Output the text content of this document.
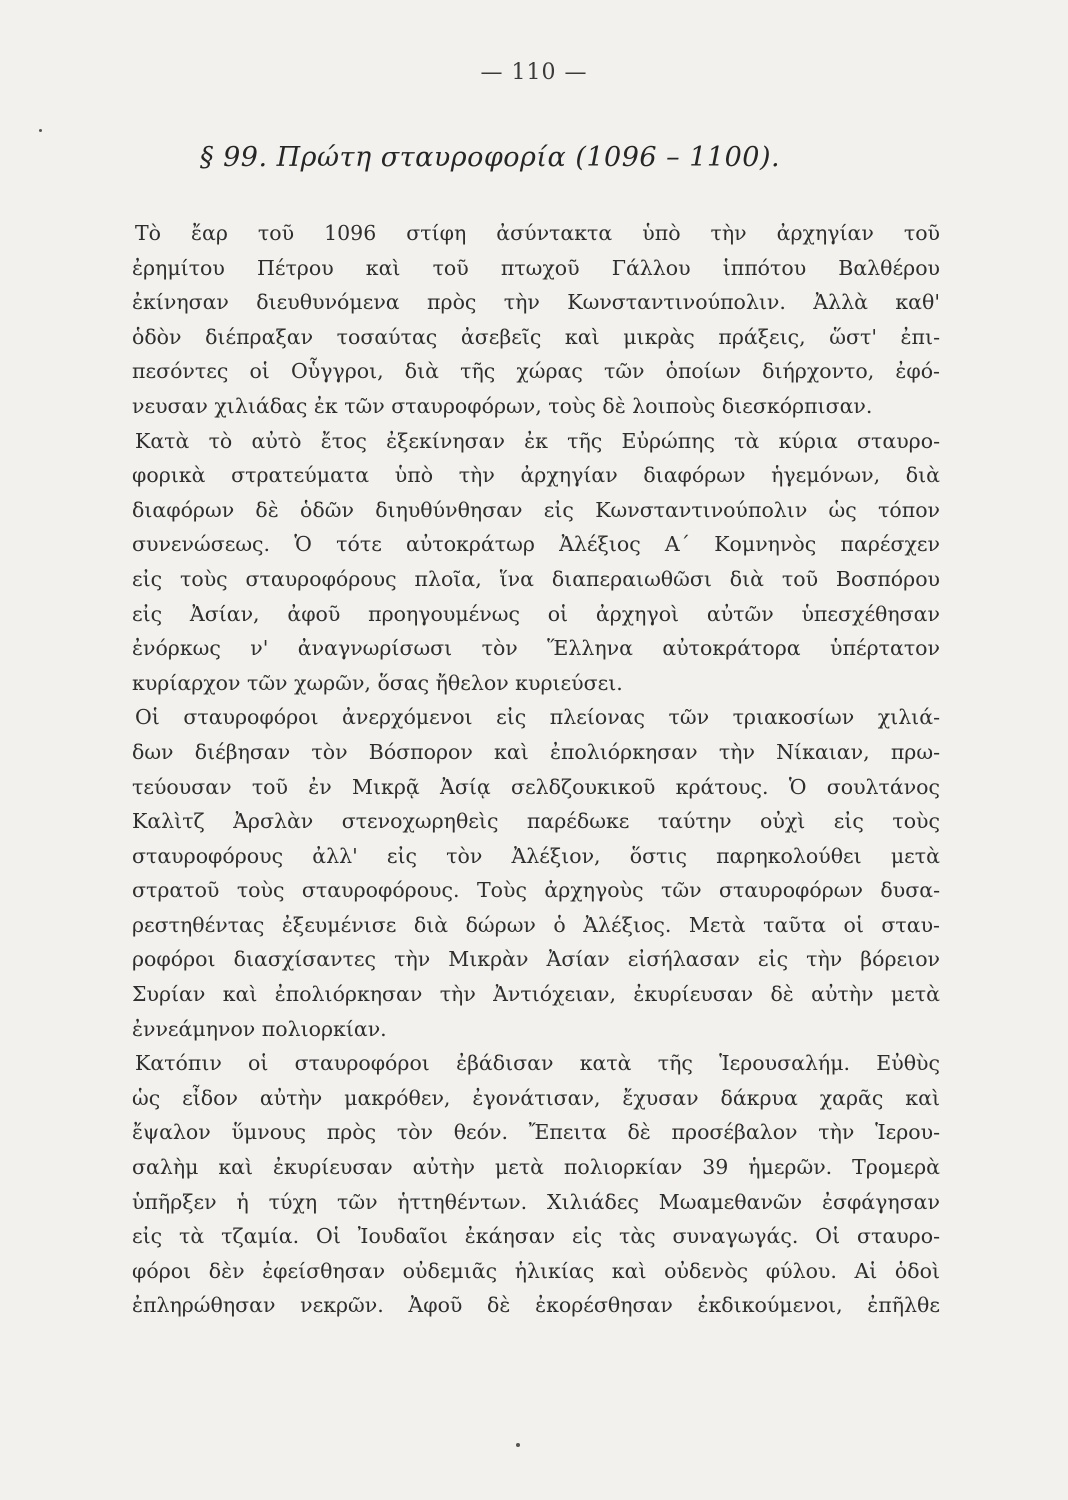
— 110 —
§ 99. Πρώτη σταυροφορία (1096 – 1100).
Τὸ ἔαρ τοῦ 1096 στίφη ἀσύντακτα ὑπὸ τὴν ἀρχηγίαν τοῦ
ἐρημίτου Πέτρου καὶ τοῦ πτωχοῦ Γάλλου ἱππότου Βαλθέρου
ἐκίνησαν διευθυνόμενα πρὸς τὴν Κωνσταντινούπολιν. Ἀλλὰ καθ'
ὁδὸν διέπραξαν τοσαύτας ἀσεβεῖς καὶ μικρὰς πράξεις, ὥστ' ἐπι-
πεσόντες οἱ Οὗγγροι, διὰ τῆς χώρας τῶν ὁποίων διήρχοντο, ἐφό-
νευσαν χιλιάδας ἐκ τῶν σταυροφόρων, τοὺς δὲ λοιποὺς διεσκόρπισαν.
Κατὰ τὸ αὐτὸ ἔτος ἐξεκίνησαν ἐκ τῆς Εὐρώπης τὰ κύρια σταυρο-
φορικὰ στρατεύματα ὑπὸ τὴν ἀρχηγίαν διαφόρων ἡγεμόνων, διὰ
διαφόρων δὲ ὁδῶν διηυθύνθησαν εἰς Κωνσταντινούπολιν ὡς τόπον
συνενώσεως. Ὁ τότε αὐτοκράτωρ Ἀλέξιος Α΄ Κομνηνὸς παρέσχεν
εἰς τοὺς σταυροφόρους πλοῖα, ἵνα διαπεραιωθῶσι διὰ τοῦ Βοσπόρου
εἰς Ἀσίαν, ἀφοῦ προηγουμένως οἱ ἀρχηγοὶ αὐτῶν ὑπεσχέθησαν
ἐνόρκως ν' ἀναγνωρίσωσι τὸν Ἕλληνα αὐτοκράτορα ὑπέρτατον
κυρίαρχον τῶν χωρῶν, ὅσας ἤθελον κυριεύσει.
Οἱ σταυροφόροι ἀνερχόμενοι εἰς πλείονας τῶν τριακοσίων χιλιά-
δων διέβησαν τὸν Βόσπορον καὶ ἐπολιόρκησαν τὴν Νίκαιαν, πρω-
τεύουσαν τοῦ ἐν Μικρᾷ Ἀσίᾳ σελδζουκικοῦ κράτους. Ὁ σουλτάνος
Καλὶτζ Ἀρσλὰν στενοχωρηθεὶς παρέδωκε ταύτην οὐχὶ εἰς τοὺς
σταυροφόρους ἀλλ' εἰς τὸν Ἀλέξιον, ὅστις παρηκολούθει μετὰ
στρατοῦ τοὺς σταυροφόρους. Τοὺς ἀρχηγοὺς τῶν σταυροφόρων δυσα-
ρεστηθέντας ἐξευμένισε διὰ δώρων ὁ Ἀλέξιος. Μετὰ ταῦτα οἱ σταυ-
ροφόροι διασχίσαντες τὴν Μικρὰν Ἀσίαν εἰσήλασαν εἰς τὴν βόρειον
Συρίαν καὶ ἐπολιόρκησαν τὴν Ἀντιόχειαν, ἐκυρίευσαν δὲ αὐτὴν μετὰ
ἐννεάμηνον πολιορκίαν.
Κατόπιν οἱ σταυροφόροι ἐβάδισαν κατὰ τῆς Ἱερουσαλήμ. Εὐθὺς
ὡς εἶδον αὐτὴν μακρόθεν, ἐγονάτισαν, ἔχυσαν δάκρυα χαρᾶς καὶ
ἔψαλον ὕμνους πρὸς τὸν θεόν. Ἔπειτα δὲ προσέβαλον τὴν Ἱερου-
σαλὴμ καὶ ἐκυρίευσαν αὐτὴν μετὰ πολιορκίαν 39 ἡμερῶν. Τρομερὰ
ὑπῆρξεν ἡ τύχη τῶν ἡττηθέντων. Χιλιάδες Μωαμεθανῶν ἐσφάγησαν
εἰς τὰ τζαμία. Οἱ Ἰουδαῖοι ἐκάησαν εἰς τὰς συναγωγάς. Οἱ σταυρο-
φόροι δὲν ἐφείσθησαν οὐδεμιᾶς ἡλικίας καὶ οὐδενὸς φύλου. Αἱ ὁδοὶ
ἐπληρώθησαν νεκρῶν. Ἀφοῦ δὲ ἐκορέσθησαν ἐκδικούμενοι, ἐπῆλθε
